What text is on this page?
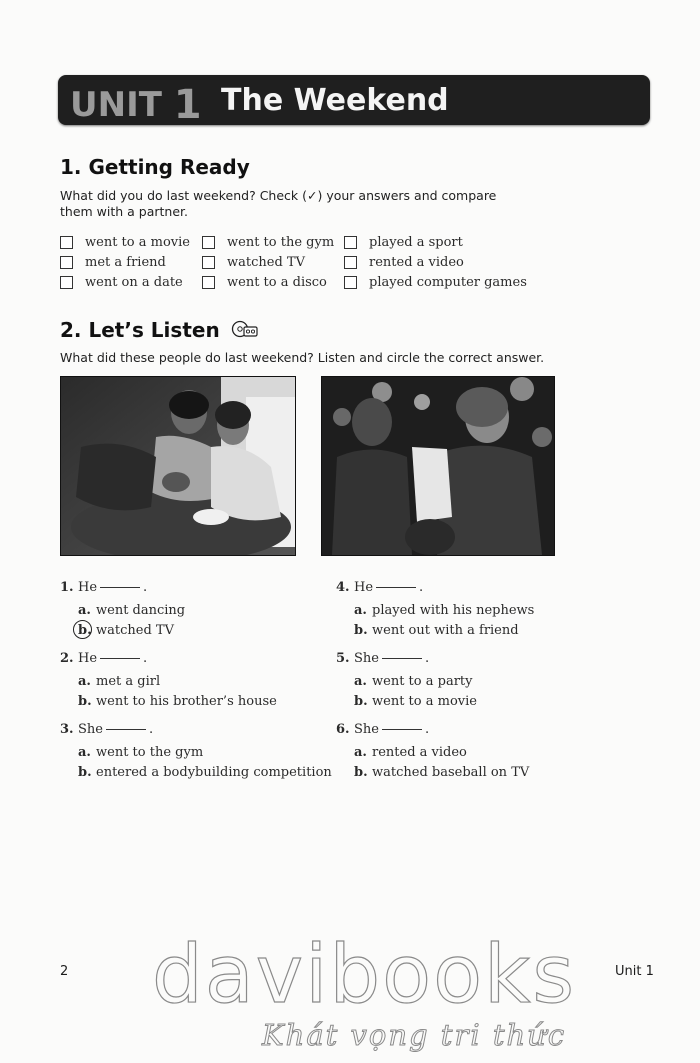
UNIT 1 The Weekend
1. Getting Ready
What did you do last weekend? Check (✓) your answers and compare them with a partner.
went to a movie
met a friend
went on a date
went to the gym
watched TV
went to a disco
played a sport
rented a video
played computer games
2. Let’s Listen
What did these people do last weekend? Listen and circle the correct answer.
1. He	.
a. went dancing
b. watched TV
2. He	.
a. met a girl
b. went to his brother’s house
3. She	.
a. went to the gym
b. entered a bodybuilding competition
4. He	.
a. played with his nephews
b. went out with a friend
5. She	.
a. went to a party
b. went to a movie
6. She	.
a. rented a video
b. watched baseball on TV
2	Unit 1
davibooks
Khát vọng tri thức
